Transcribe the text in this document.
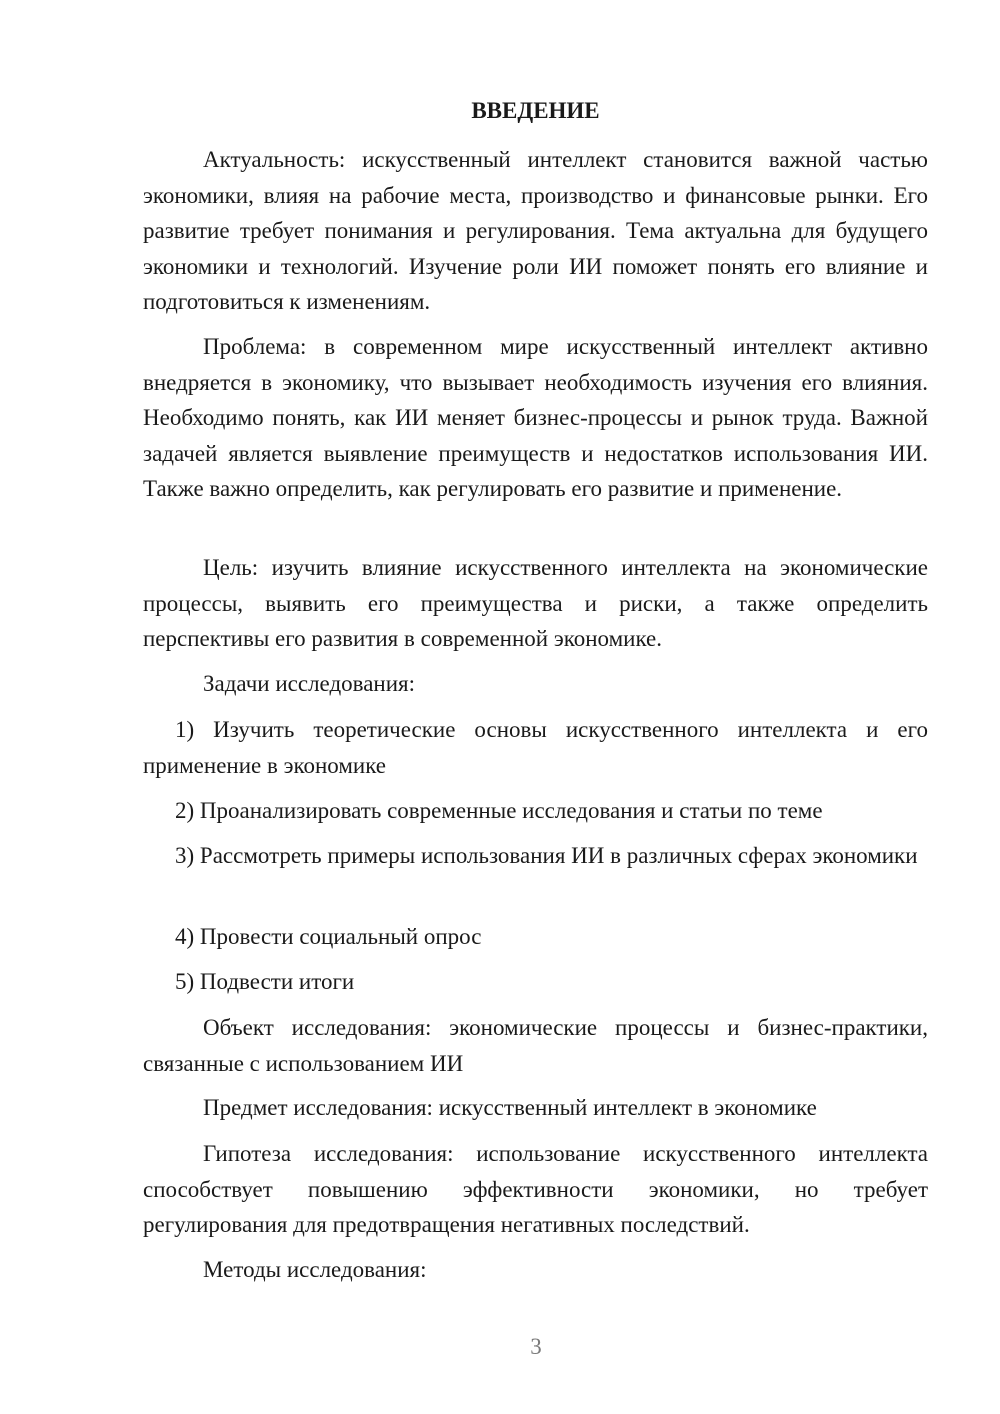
ВВЕДЕНИЕ

Актуальность: искусственный интеллект становится важной частью экономики, влияя на рабочие места, производство и финансовые рынки. Его развитие требует понимания и регулирования. Тема актуальна для будущего экономики и технологий. Изучение роли ИИ поможет понять его влияние и подготовиться к изменениям.

Проблема: в современном мире искусственный интеллект активно внедряется в экономику, что вызывает необходимость изучения его влияния. Необходимо понять, как ИИ меняет бизнес-процессы и рынок труда. Важной задачей является выявление преимуществ и недостатков использования ИИ. Также важно определить, как регулировать его развитие и применение.

Цель: изучить влияние искусственного интеллекта на экономические процессы, выявить его преимущества и риски, а также определить перспективы его развития в современной экономике.

Задачи исследования:

1) Изучить теоретические основы искусственного интеллекта и его применение в экономике

2) Проанализировать современные исследования и статьи по теме

3) Рассмотреть примеры использования ИИ в различных сферах экономики

4) Провести социальный опрос

5) Подвести итоги

Объект исследования: экономические процессы и бизнес-практики, связанные с использованием ИИ

Предмет исследования: искусственный интеллект в экономике

Гипотеза исследования: использование искусственного интеллекта способствует повышению эффективности экономики, но требует регулирования для предотвращения негативных последствий.

Методы исследования:

3
